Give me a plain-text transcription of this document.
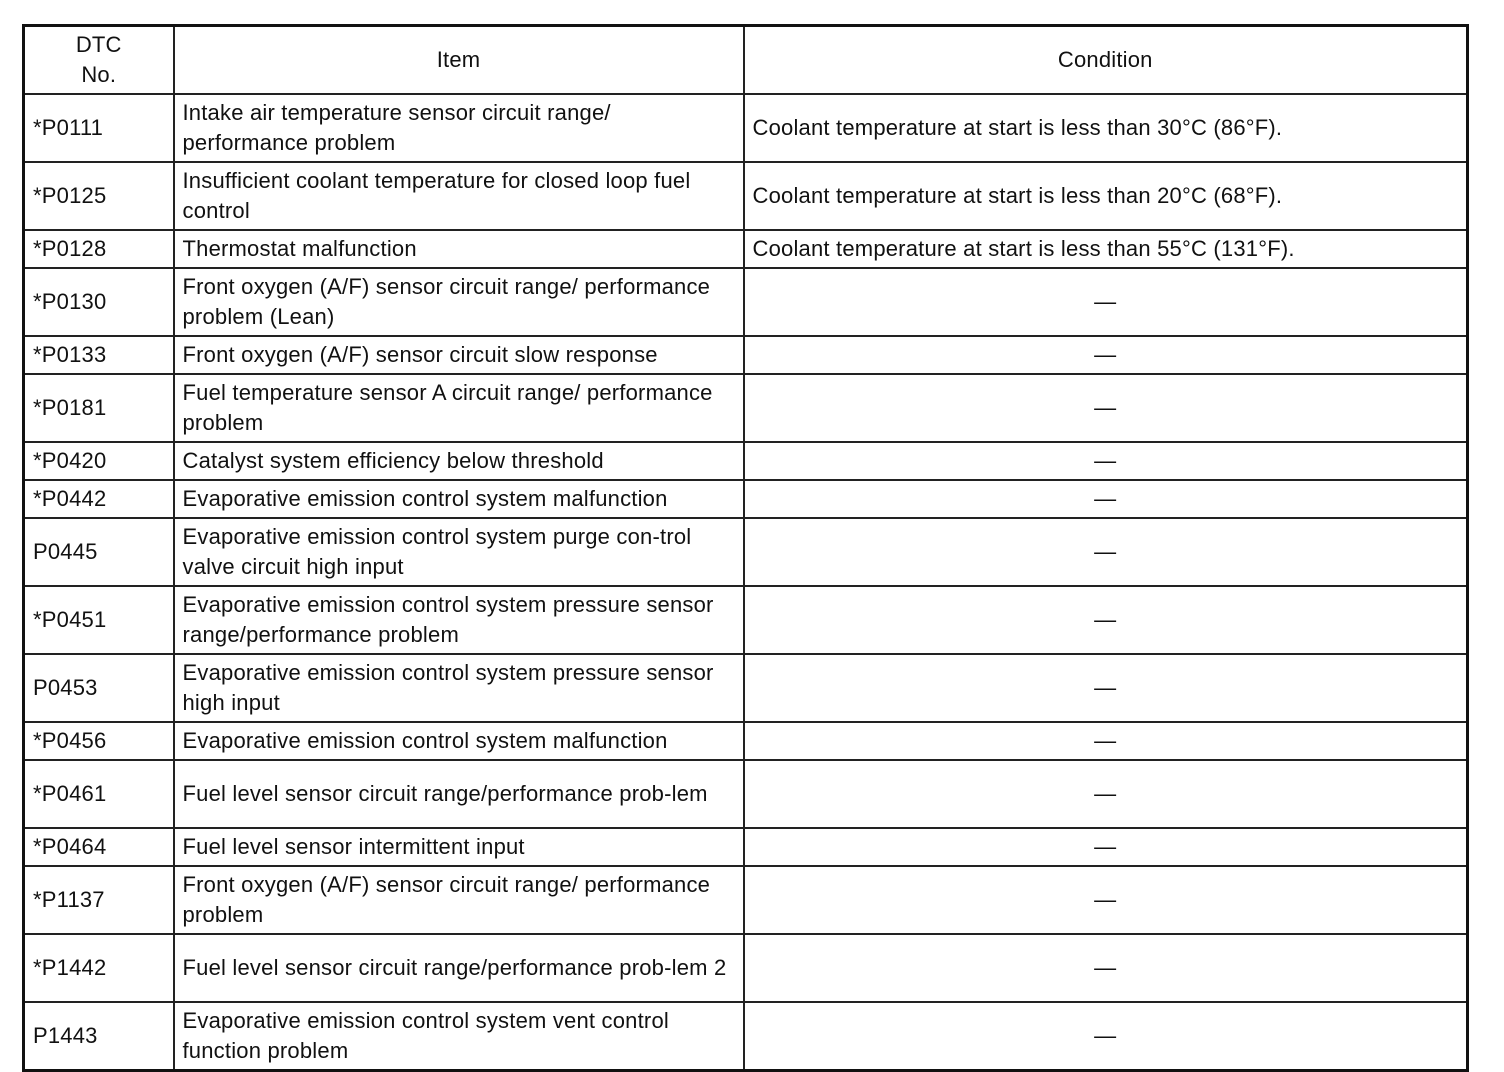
DTC
No.	Item	Condition
*P0111	Intake air temperature sensor circuit range/ performance problem	Coolant temperature at start is less than 30°C (86°F).
*P0125	Insufficient coolant temperature for closed loop fuel control	Coolant temperature at start is less than 20°C (68°F).
*P0128	Thermostat malfunction	Coolant temperature at start is less than 55°C (131°F).
*P0130	Front oxygen (A/F) sensor circuit range/ performance problem (Lean)	—
*P0133	Front oxygen (A/F) sensor circuit slow response	—
*P0181	Fuel temperature sensor A circuit range/ performance problem	—
*P0420	Catalyst system efficiency below threshold	—
*P0442	Evaporative emission control system malfunction	—
P0445	Evaporative emission control system purge con-trol valve circuit high input	—
*P0451	Evaporative emission control system pressure sensor range/performance problem	—
P0453	Evaporative emission control system pressure sensor high input	—
*P0456	Evaporative emission control system malfunction	—
*P0461	Fuel level sensor circuit range/performance prob-lem	—
*P0464	Fuel level sensor intermittent input	—
*P1137	Front oxygen (A/F) sensor circuit range/ performance problem	—
*P1442	Fuel level sensor circuit range/performance prob-lem 2	—
P1443	Evaporative emission control system vent control function problem	—
